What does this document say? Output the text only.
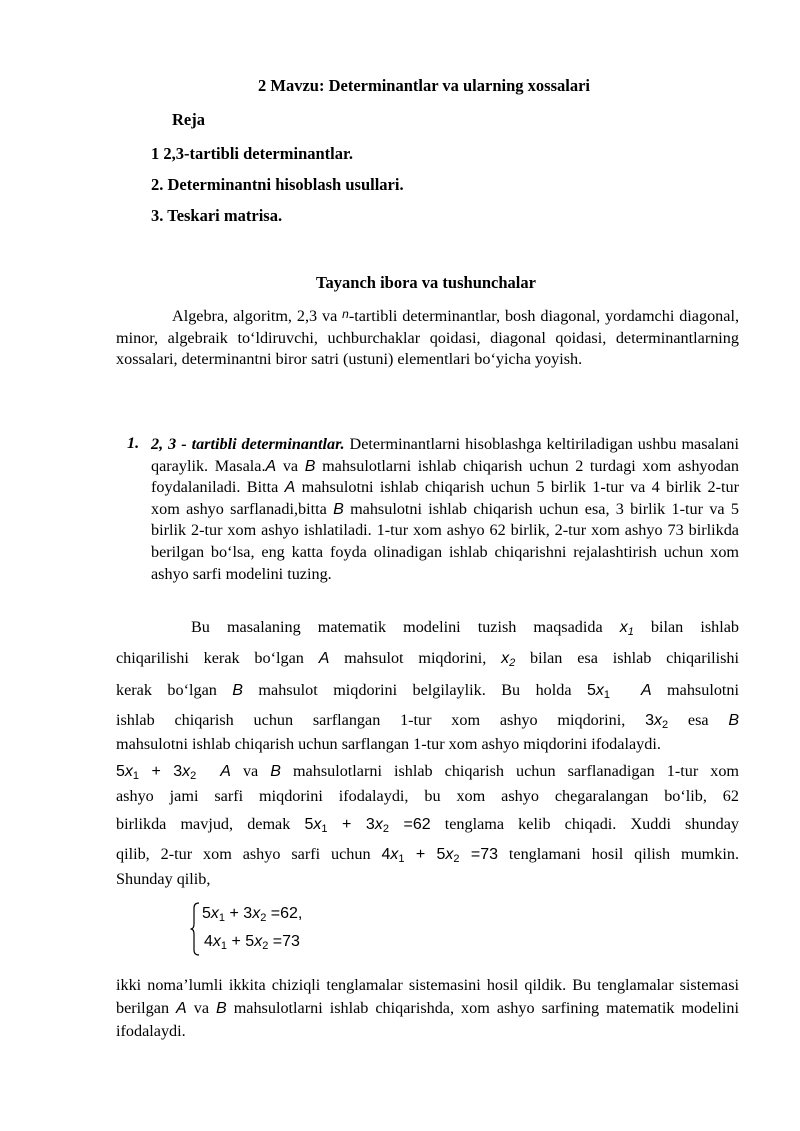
2 Mavzu: Determinantlar va ularning xossalari
Reja
1 2,3-tartibli determinantlar.
2. Determinantni hisoblash usullari.
3. Teskari matrisa.
Tayanch ibora va tushunchalar
Algebra, algoritm, 2,3 va n-tartibli determinantlar, bosh diagonal, yordamchi diagonal, minor, algebraik toʻldiruvchi, uchburchaklar qoidasi, diagonal qoidasi, determinantlarning xossalari, determinantni biror satri (ustuni) elementlari boʻyicha yoyish.
1. 2, 3 - tartibli determinantlar. Determinantlarni hisoblashga keltiriladigan ushbu masalani qaraylik. Masala.A va B mahsulotlarni ishlab chiqarish uchun 2 turdagi xom ashyodan foydalaniladi. Bitta A mahsulotni ishlab chiqarish uchun 5 birlik 1-tur va 4 birlik 2-tur xom ashyo sarflanadi,bitta B mahsulotni ishlab chiqarish uchun esa, 3 birlik 1-tur va 5 birlik 2-tur xom ashyo ishlatiladi. 1-tur xom ashyo 62 birlik, 2-tur xom ashyo 73 birlikda berilgan boʻlsa, eng katta foyda olinadigan ishlab chiqarishni rejalashtirish uchun xom ashyo sarfi modelini tuzing.
Bu masalaning matematik modelini tuzish maqsadida $x_1$ bilan ishlab
chiqarilishi kerak boʻlgan A mahsulot miqdorini, $x_2$ bilan esa ishlab chiqarilishi
kerak boʻlgan B mahsulot miqdorini belgilaylik. Bu holda $5x_1$ A mahsulotni
ishlab chiqarish uchun sarflangan 1-tur xom ashyo miqdorini, $3x_2$ esa B
mahsulotni ishlab chiqarish uchun sarflangan 1-tur xom ashyo miqdorini ifodalaydi.
$5x_1 + 3x_2$ A va B mahsulotlarni ishlab chiqarish uchun sarflanadigan 1-tur xom
ashyo jami sarfi miqdorini ifodalaydi, bu xom ashyo chegaralangan boʻlib, 62
birlikda mavjud, demak $5x_1 + 3x_2 =62$ tenglama kelib chiqadi. Xuddi shunday
qilib, 2-tur xom ashyo sarfi uchun $4x_1 + 5x_2 =73$ tenglamani hosil qilish mumkin.
Shunday qilib,
$5x_1 + 3x_2 =62$,
$4x_1 + 5x_2 =73$
ikki nomaʼlumli ikkita chiziqli tenglamalar sistemasini hosil qildik. Bu tenglamalar sistemasi berilgan A va B mahsulotlarni ishlab chiqarishda, xom ashyo sarfining matematik modelini ifodalaydi.
